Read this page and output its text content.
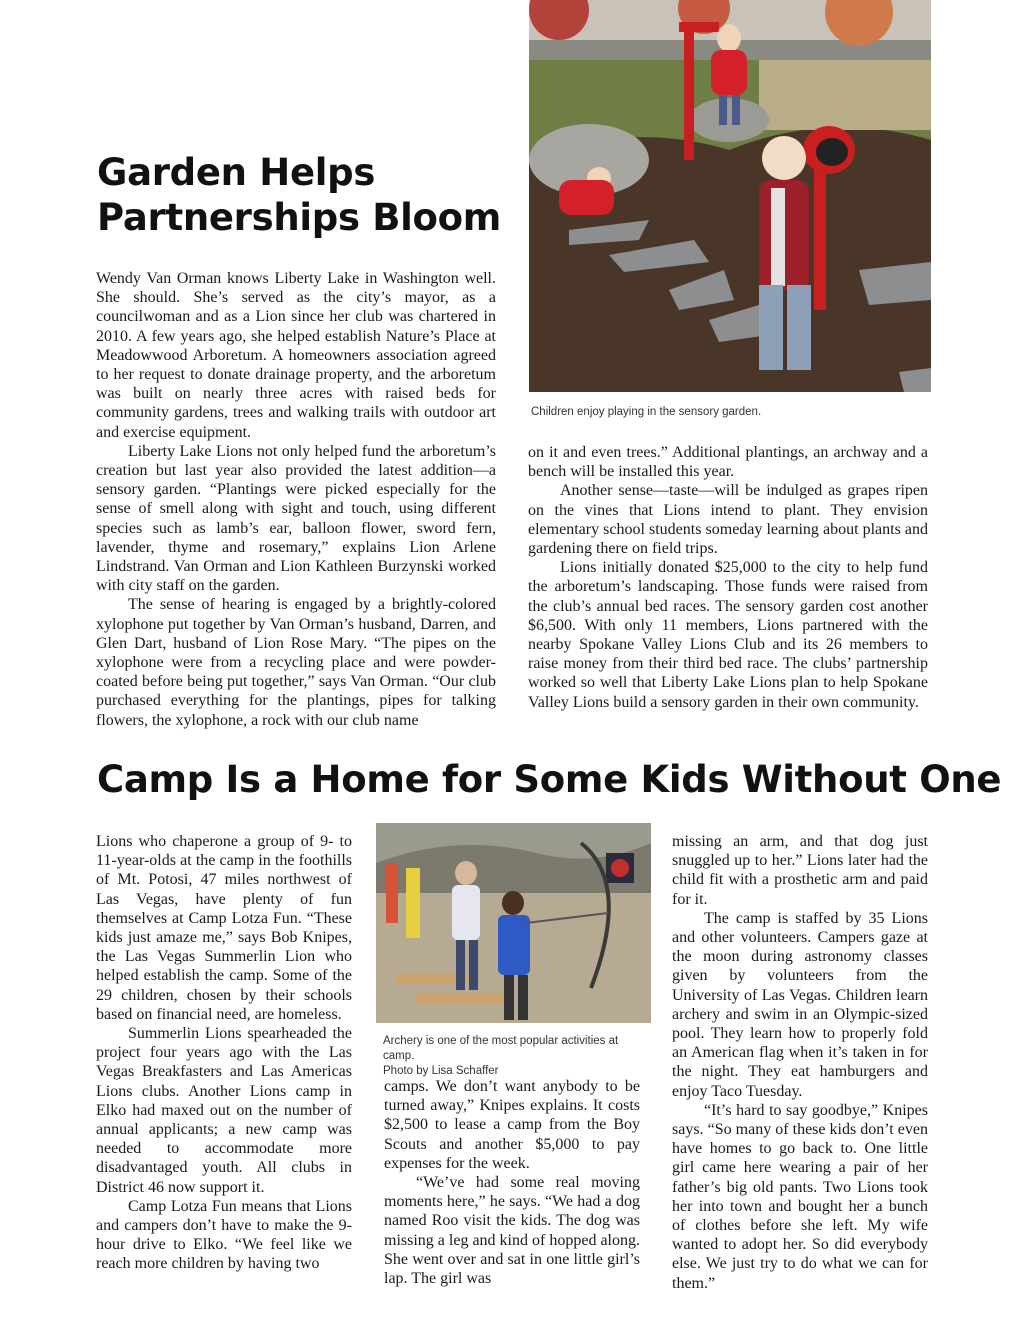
Garden Helps
Partnerships Bloom
Children enjoy playing in the sensory garden.

Wendy Van Orman knows Liberty Lake in Washington well. She should. She’s served as the city’s mayor, as a councilwoman and as a Lion since her club was chartered in 2010. A few years ago, she helped establish Nature’s Place at Meadowwood Arboretum. A homeowners association agreed to her request to donate drainage property, and the arboretum was built on nearly three acres with raised beds for community gardens, trees and walking trails with outdoor art and exercise equipment.

Liberty Lake Lions not only helped fund the arboretum’s creation but last year also provided the latest addition—a sensory garden. “Plantings were picked especially for the sense of smell along with sight and touch, using different species such as lamb’s ear, balloon flower, sword fern, lavender, thyme and rosemary,” explains Lion Arlene Lindstrand. Van Orman and Lion Kathleen Burzynski worked with city staff on the garden.

The sense of hearing is engaged by a brightly-colored xylophone put together by Van Orman’s husband, Darren, and Glen Dart, husband of Lion Rose Mary. “The pipes on the xylophone were from a recycling place and were powder-coated before being put together,” says Van Orman. “Our club purchased everything for the plantings, pipes for talking flowers, the xylophone, a rock with our club name

on it and even trees.” Additional plantings, an archway and a bench will be installed this year.

Another sense—taste—will be indulged as grapes ripen on the vines that Lions intend to plant. They envision elementary school students someday learning about plants and gardening there on field trips.

Lions initially donated $25,000 to the city to help fund the arboretum’s landscaping. Those funds were raised from the club’s annual bed races. The sensory garden cost another $6,500. With only 11 members, Lions partnered with the nearby Spokane Valley Lions Club and its 26 members to raise money from their third bed race. The clubs’ partnership worked so well that Liberty Lake Lions plan to help Spokane Valley Lions build a sensory garden in their own community.

Camp Is a Home for Some Kids Without One

Lions who chaperone a group of 9- to 11-year-olds at the camp in the foothills of Mt. Potosi, 47 miles northwest of Las Vegas, have plenty of fun themselves at Camp Lotza Fun. “These kids just amaze me,” says Bob Knipes, the Las Vegas Summerlin Lion who helped establish the camp. Some of the 29 children, chosen by their schools based on financial need, are homeless.

Summerlin Lions spearheaded the project four years ago with the Las Vegas Breakfasters and Las Americas Lions clubs. Another Lions camp in Elko had maxed out on the number of annual applicants; a new camp was needed to accommodate more disadvantaged youth. All clubs in District 46 now support it.

Camp Lotza Fun means that Lions and campers don’t have to make the 9-hour drive to Elko. “We feel like we reach more children by having two

Archery is one of the most popular activities at camp.
Photo by Lisa Schaffer

camps. We don’t want anybody to be turned away,” Knipes explains. It costs $2,500 to lease a camp from the Boy Scouts and another $5,000 to pay expenses for the week.

“We’ve had some real moving moments here,” he says. “We had a dog named Roo visit the kids. The dog was missing a leg and kind of hopped along. She went over and sat in one little girl’s lap. The girl was

missing an arm, and that dog just snuggled up to her.” Lions later had the child fit with a prosthetic arm and paid for it.

The camp is staffed by 35 Lions and other volunteers. Campers gaze at the moon during astronomy classes given by volunteers from the University of Las Vegas. Children learn archery and swim in an Olympic-sized pool. They learn how to properly fold an American flag when it’s taken in for the night. They eat hamburgers and enjoy Taco Tuesday.

“It’s hard to say goodbye,” Knipes says. “So many of these kids don’t even have homes to go back to. One little girl came here wearing a pair of her father’s big old pants. Two Lions took her into town and bought her a bunch of clothes before she left. My wife wanted to adopt her. So did everybody else. We just try to do what we can for them.”
